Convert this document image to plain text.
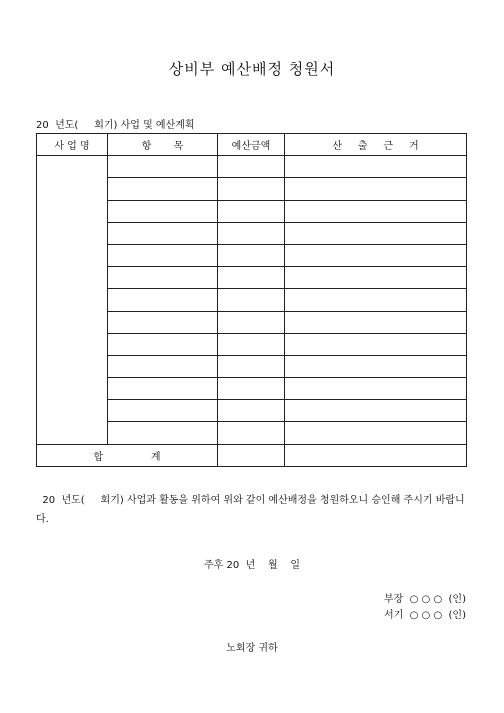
상비부 예산배정 청원서
20  년도(     회기) 사업 및 예산계획
사 업 명	항       목	예산금액	산     출     근     거

합               계			
20  년도(     회기) 사업과 활동을 위하여 위와 같이 예산배정을 청원하오니 승인해 주시기 바랍니다.
주후 20  년    월    일
부장  ○ ○ ○  (인)
서기  ○ ○ ○  (인)
노회장 귀하
